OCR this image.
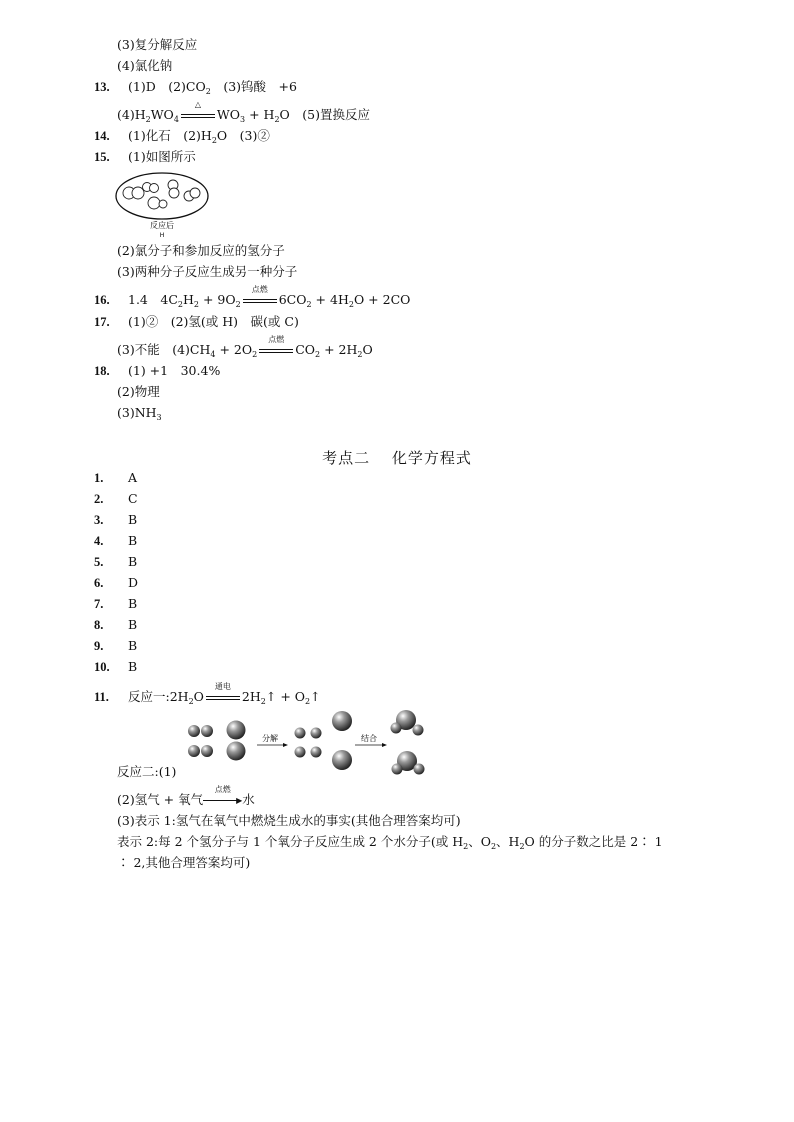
(3)复分解反应
(4)氯化钠
13. (1)D　$(2)CO_2$　(3)钨酸　+6
$(4)H_2WO_4$
△
$WO_3 + H_2O$　(5)置换反应
14. (1)化石　$(2)H_2O$　(3)②
15. (1)如图所示
反应后
H
(2)氯分子和参加反应的氢分子
(3)两种分子反应生成另一种分子
16. 1.4　$4C_2H_2 + 9O_2$
点燃
$6CO_2 + 4H_2O + 2CO$
17. (1)②　(2)氢(或 H)　碳(或 C)
(3)不能　$(4)CH_4 + 2O_2$
点燃
$CO_2 + 2H_2O$
18. (1) +1　30.4%
(2)物理
$(3)NH_3$
考点二　 化学方程式
1. A
2. C
3. B
4. B
5. B
6. D
7. B
8. B
9. B
10. B
11. 反应一$:2H_2O$
通电
$2H_2↑$ + $O_2↑$
分解	结合
反应二:(1)
(2)氢气 + 氧气
点燃
▶水
(3)表示 1:氢气在氧气中燃烧生成水的事实(其他合理答案均可)
表示 2:每 2 个氢分子与 1 个氧分子反应生成 2 个水分子(或 $H_2$、$O_2$、$H_2O$ 的分子数之比是 2∶ 1
∶ 2,其他合理答案均可)
